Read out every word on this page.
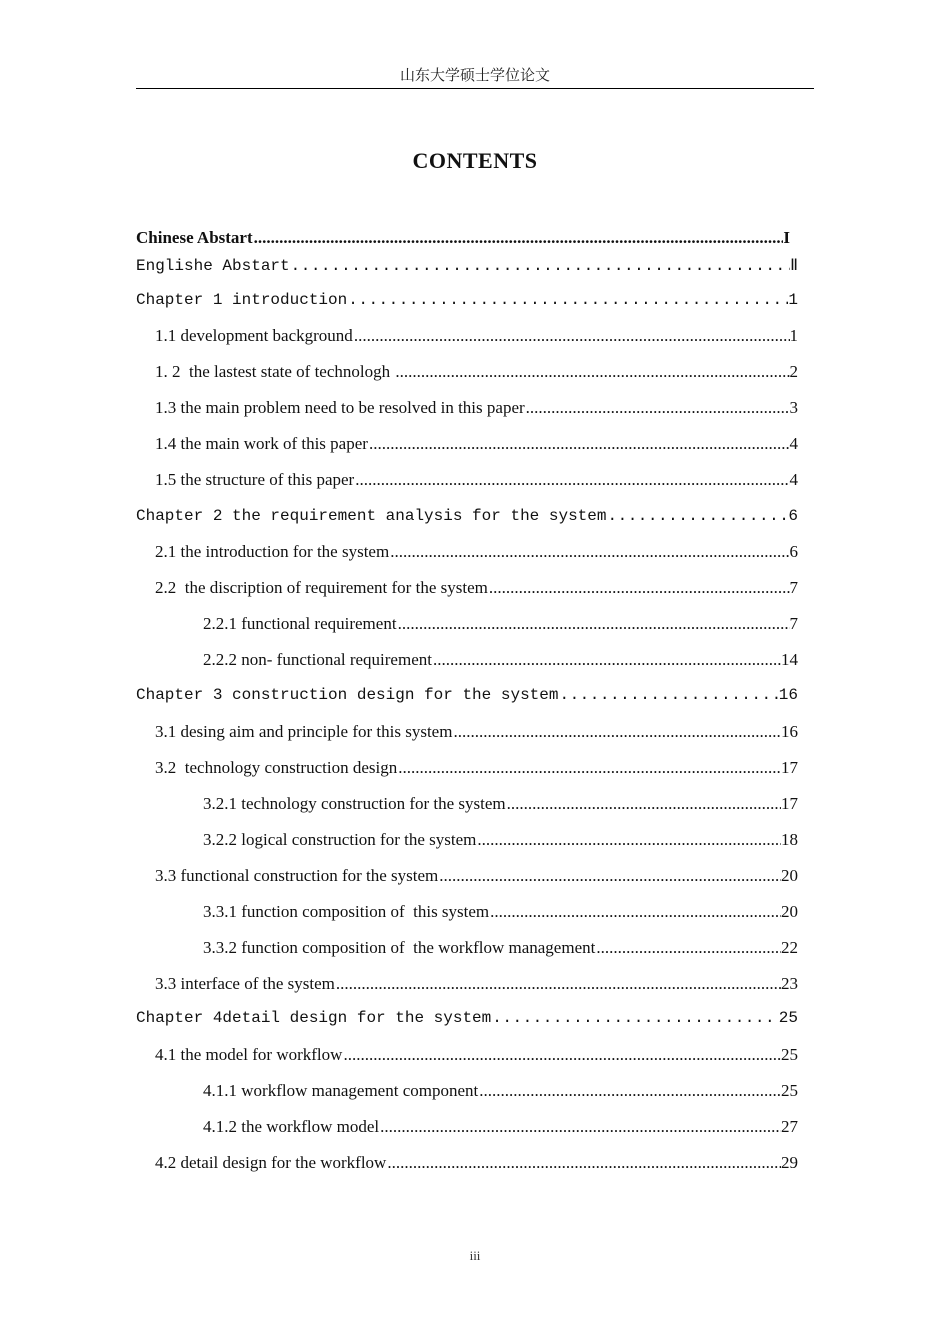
山东大学硕士学位论文
CONTENTS
Chinese Abstart .....	I
Englishe Abstart .....	Ⅱ
Chapter 1 introduction .....	1
1.1 development background .....	1
1. 2  the lastest state of technologh .....	2
1.3 the main problem need to be resolved in this paper .....	3
1.4 the main work of this paper .....	4
1.5 the structure of this paper .....	4
Chapter 2 the requirement analysis for the system .....	6
2.1 the introduction for the system .....	6
2.2  the discription of requirement for the system .....	7
2.2.1 functional requirement .....	7
2.2.2 non- functional requirement .....	14
Chapter 3 construction design for the system .....	16
3.1 desing aim and principle for this system .....	16
3.2  technology construction design .....	17
3.2.1 technology construction for the system .....	17
3.2.2 logical construction for the system .....	18
3.3 functional construction for the system .....	20
3.3.1 function composition of  this system .....	20
3.3.2 function composition of  the workflow management .....	22
3.3 interface of the system .....	23
Chapter 4detail design for the system .....	25
4.1 the model for workflow .....	25
4.1.1 workflow management component .....	25
4.1.2 the workflow model .....	27
4.2 detail design for the workflow .....	29
iii
